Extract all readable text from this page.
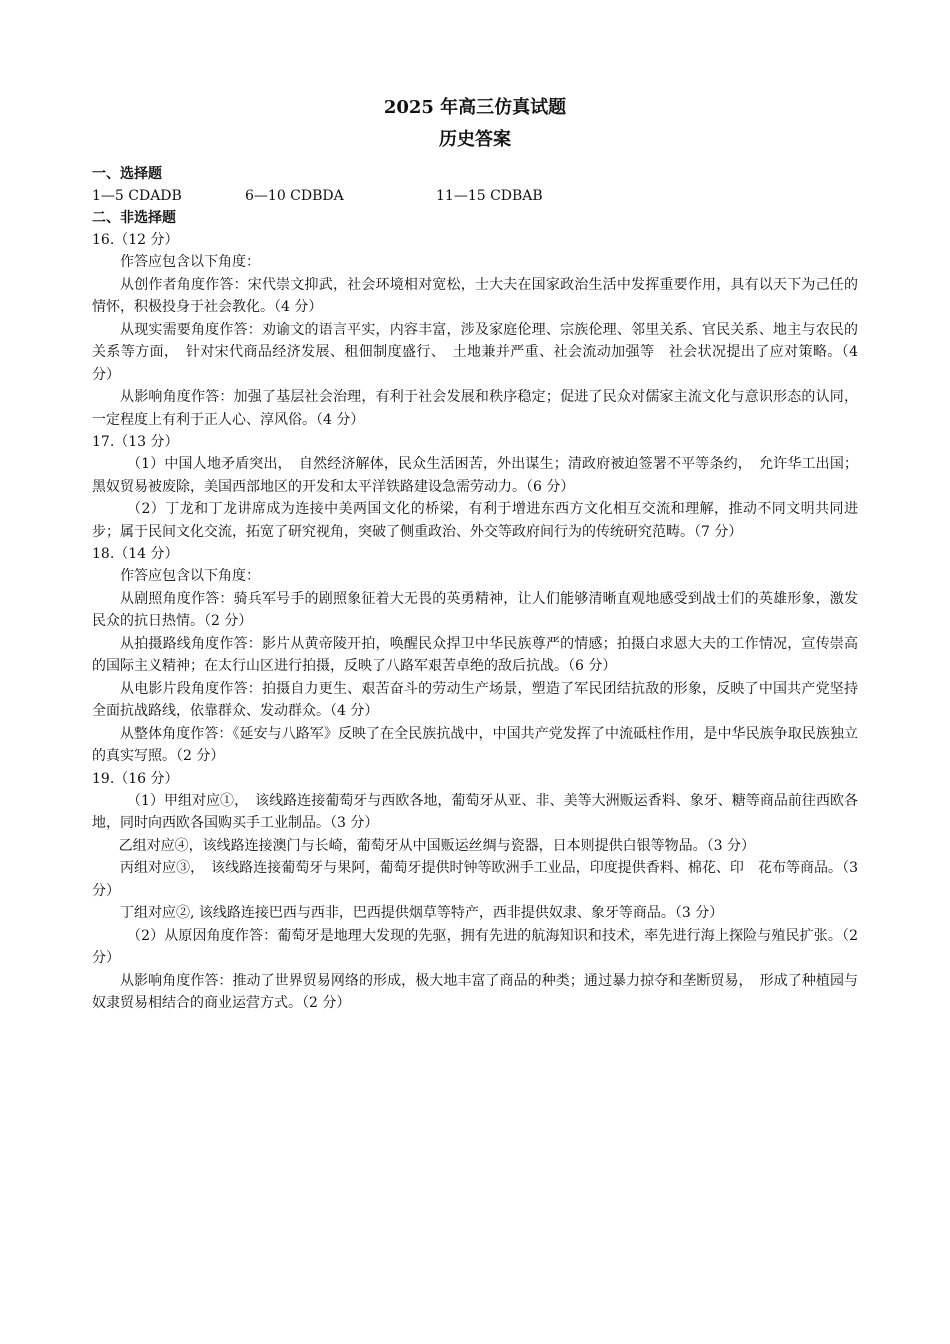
2025 年高三仿真试题
历史答案

一、选择题

1—5 CDADB	6—10 CDBDA	11—15 CDBAB

二、非选择题

16.（12 分）

作答应包含以下角度：

从创作者角度作答：宋代崇文抑武，社会环境相对宽松，士大夫在国家政治生活中发挥重要作用，具有以天下为己任的情怀，积极投身于社会教化。（4 分）

从现实需要角度作答：劝谕文的语言平实，内容丰富，涉及家庭伦理、宗族伦理、邻里关系、官民关系、地主与农民的关系等方面，　针对宋代商品经济发展、租佃制度盛行、　土地兼并严重、社会流动加强等　社会状况提出了应对策略。（4 分）

从影响角度作答：加强了基层社会治理，有利于社会发展和秩序稳定；促进了民众对儒家主流文化与意识形态的认同，一定程度上有利于正人心、淳风俗。（4 分）

17.（13 分）

（1）中国人地矛盾突出，　自然经济解体，民众生活困苦，外出谋生；清政府被迫签署不平等条约，　允许华工出国；黑奴贸易被废除，美国西部地区的开发和太平洋铁路建设急需劳动力。（6 分）

（2）丁龙和丁龙讲席成为连接中美两国文化的桥梁，有利于增进东西方文化相互交流和理解，推动不同文明共同进步；属于民间文化交流，拓宽了研究视角，突破了侧重政治、外交等政府间行为的传统研究范畴。（7 分）

18.（14 分）

作答应包含以下角度：

从剧照角度作答：骑兵军号手的剧照象征着大无畏的英勇精神，让人们能够清晰直观地感受到战士们的英雄形象，激发民众的抗日热情。（2 分）

从拍摄路线角度作答：影片从黄帝陵开拍，唤醒民众捍卫中华民族尊严的情感；拍摄白求恩大夫的工作情况，宣传崇高的国际主义精神；在太行山区进行拍摄，反映了八路军艰苦卓绝的敌后抗战。（6 分）

从电影片段角度作答：拍摄自力更生、艰苦奋斗的劳动生产场景，塑造了军民团结抗敌的形象，反映了中国共产党坚持全面抗战路线，依靠群众、发动群众。（4 分）

从整体角度作答：《延安与八路军》反映了在全民族抗战中，中国共产党发挥了中流砥柱作用，是中华民族争取民族独立的真实写照。（2 分）

19.（16 分）

（1）甲组对应①，　该线路连接葡萄牙与西欧各地，葡萄牙从亚、非、美等大洲贩运香料、象牙、糖等商品前往西欧各地，同时向西欧各国购买手工业制品。（3 分）

乙组对应④，该线路连接澳门与长崎，葡萄牙从中国贩运丝绸与瓷器，日本则提供白银等物品。（3 分）

丙组对应③，　该线路连接葡萄牙与果阿，葡萄牙提供时钟等欧洲手工业品，印度提供香料、棉花、印　花布等商品。（3 分）

丁组对应②, 该线路连接巴西与西非，巴西提供烟草等特产，西非提供奴隶、象牙等商品。（3 分）

（2）从原因角度作答：葡萄牙是地理大发现的先驱，拥有先进的航海知识和技术，率先进行海上探险与殖民扩张。（2 分）

从影响角度作答：推动了世界贸易网络的形成，极大地丰富了商品的种类；通过暴力掠夺和垄断贸易，　形成了种植园与奴隶贸易相结合的商业运营方式。（2 分）
